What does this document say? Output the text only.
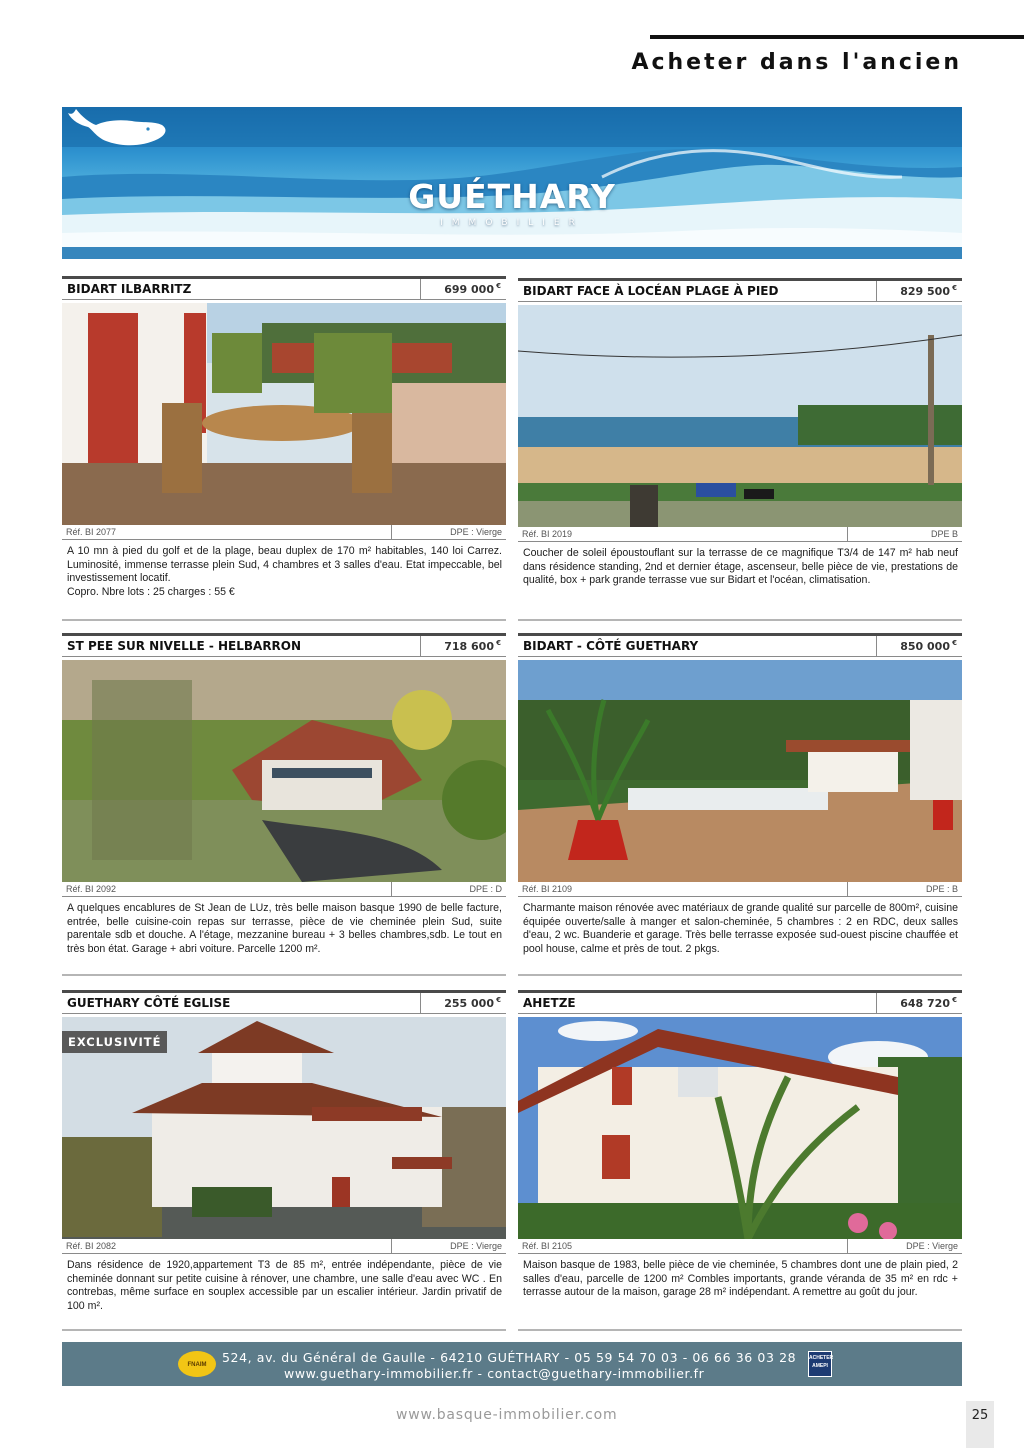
Acheter dans l'ancien
GUÉTHARY
IMMOBILIER
BIDART ILBARRITZ	699 000 €
Réf. BI 2077	DPE : Vierge

A 10 mn à pied du golf et de la plage, beau duplex de 170 m² habitables, 140 loi Carrez. Luminosité, immense terrasse plein Sud, 4 chambres et 3 salles d'eau. Etat impeccable, bel investissement locatif.

Copro. Nbre lots : 25 charges : 55 €

BIDART FACE À LOCÉAN PLAGE À PIED	829 500 €
Réf. BI 2019	DPE B

Coucher de soleil époustouflant sur la terrasse de ce magnifique T3/4 de 147 m² hab neuf dans résidence standing, 2nd et dernier étage, ascenseur, belle pièce de vie, prestations de qualité, box + park grande terrasse vue sur Bidart et l'océan, climatisation.

ST PEE SUR NIVELLE - HELBARRON	718 600 €
Réf. BI 2092	DPE : D

A quelques encablures de St Jean de LUz, très belle maison basque 1990 de belle facture, entrée, belle cuisine-coin repas sur terrasse, pièce de vie cheminée plein Sud, suite parentale sdb et douche. A l'étage, mezzanine bureau + 3 belles chambres,sdb. Le tout en très bon état. Garage + abri voiture. Parcelle 1200 m².

BIDART - CÔTÉ GUETHARY	850 000 €
Réf. BI 2109	DPE : B

Charmante maison rénovée avec matériaux de grande qualité sur parcelle de 800m², cuisine équipée ouverte/salle à manger et salon-cheminée, 5 chambres : 2 en RDC, deux salles d'eau, 2 wc. Buanderie et garage. Très belle terrasse exposée sud-ouest piscine chauffée et pool house, calme et près de tout. 2 pkgs.

GUETHARY CÔTÉ EGLISE	255 000 €
EXCLUSIVITÉ
Réf. BI 2082	DPE : Vierge

Dans résidence de 1920,appartement T3 de 85 m², entrée indépendante, pièce de vie cheminée donnant sur petite cuisine à rénover, une chambre, une salle d'eau avec WC . En contrebas, même surface en souplex accessible par un escalier intérieur. Jardin privatif de 100 m².

AHETZE	648 720 €
Réf. BI 2105	DPE : Vierge

Maison basque de 1983, belle pièce de vie cheminée, 5 chambres dont une de plain pied, 2 salles d'eau, parcelle de 1200 m² Combles importants, grande véranda de 35 m² en rdc + terrasse autour de la maison, garage 28 m² indépendant. A remettre au goût du jour.

FNAIM 524, av. du Général de Gaulle - 64210 GUÉTHARY - 05 59 54 70 03 - 06 66 36 03 28
www.guethary-immobilier.fr - contact@guethary-immobilier.fr
ACHETER AMEPI
www.basque-immobilier.com	25
